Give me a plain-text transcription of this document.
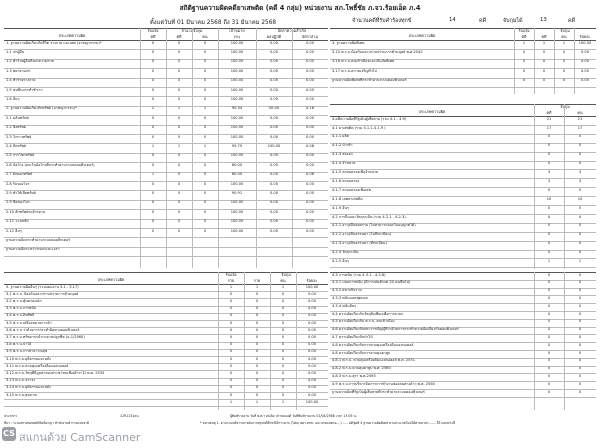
สถิติฐานความผิดคดียาเสพติด (คดี 4 กลุ่ม) หน่วยงาน สภ.โพธิ์ชัย ภ.จว.ร้อยเอ็ด ภ.4
ตั้งแต่วันที่ 01 มีนาคม 2568 ถึง 31 มีนาคม 2568	จำนวนคดีที่รับคำร้องทุกข์	14	คดี	จับกุมได้	13	คดี
ประเภทความผิด
รับแจ้ง	จำนวนจับกุม	เป้าหมาย	อัตราความสำเร็จ
คดี	คดี	คน	(%)	ผลปฏิบัติ	อัตราส่วน
1. ฐานความผิดเกี่ยวกับชีวิต ร่างกาย และเพศ (อาชญากรรม)*	0	0	0	100.00	0.00	0.00
1.1 ฆ่าผู้อื่น	0	0	0	100.00	0.00	0.00
1.2 ทำร้ายผู้อื่นถึงแก่ความตาย	0	0	0	100.00	0.00	0.00
1.3 พยายามฆ่า	0	0	0	100.00	0.00	0.00
1.4 ทำร้ายร่างกาย	0	0	0	100.00	0.00	0.00
1.5 ข่มขืนกระทำชำเรา	0	0	0	100.00	0.00	0.00
1.6 อื่นๆ	0	0	0	100.00	0.00	0.00
2. ฐานความผิดเกี่ยวกับทรัพย์ (อาชญากรรม)*	2	1	1	90.34	50.00	0.16
2.1 ปล้นทรัพย์	0	0	0	100.00	0.00	0.00
2.2 ชิงทรัพย์	0	0	0	100.00	0.00	0.00
2.3 วิ่งราวทรัพย์	0	0	0	100.00	0.00	0.00
2.4 ลักทรัพย์	1	1	1	95.75	100.00	0.08
2.5 กรรโชกทรัพย์	0	0	0	100.00	0.00	0.00
2.6 ฉ้อโกง (ยกเว้นฉ้อโกงที่กระทำผ่านระบบคอมพิวเตอร์)	0	0	0	80.00	0.00	0.00
2.7 ยักยอกทรัพย์	1	0	0	80.00	0.00	0.08
2.8 รับของโจร	0	0	0	100.00	0.00	0.00
2.9 ทำให้เสียทรัพย์	0	0	0	90.91	0.00	0.00
2.9 ซื้อของโจร	0	0	0	100.00	0.00	0.00
2.10 ลักทรัพย์รถจักรยาน	0	0	0	100.00	0.00	0.00
2.11 วางเพลิง	0	0	0	100.00	0.00	0.00
2.12 อื่นๆ	0	0	0	100.00	0.00	0.00
ฐานความผิดกระทำผ่านระบบคอมพิวเตอร์
ฐานความผิดระหว่างรอบระยะเวลา
ประเภทความผิด
รับแจ้ง	จับกุม
คดี	คดี	คน	ร้อยละ
3. ฐานความผิดพิเศษ	1	1	1	100.00
3.15 พ.ร.บ.ป้องกันและปราบปรามการค้ามนุษย์ พ.ศ.2542	0	0	0	0.00
3.16 พ.ร.บ.คนเข้าเมืองและเป็นภัยพิเศษ	0	0	0	0.00
3.17 พ.ร.บ.ความเจริญทั่วไป	0	0	0	0.00
ฐานความผิดพิเศษที่กระทำผ่านระบบคอมพิวเตอร์	0	0	0	0.00
ประเภทความผิด
จับกุม
คดี	คน
4.คดีความผิดที่รัฐเป็นผู้เสียหาย (รวม 4.1 - 4.9)	21	21
4.1 ยาเสพติด (รวม 4.1.1-4.1.9 )	17	17
4.1.1 ผลิต	0	0
4.1.2 นำเข้า	0	0
4.1.3 ส่งออก	0	0
4.1.4 จำหน่าย	0	0
4.1.5 ครอบครองเพื่อจำหน่าย	3	3
4.1.6 ครอบครอง	3	3
4.1.7 ครอบครองเพื่อเสพ	0	0
4.1.8 เสพยาเสพติด	10	10
4.1.9 อื่นๆ	0	0
4.2 การปืนและวัตถุระเบิด (รวม 4.2.1 - 4.2.3)	4	4
4.2.1 อาวุธปืนสงคราม (ไม่สามารถออกใบอนุญาตได้)	0	0
4.2.2 อาวุธปืนธรรมดา (ไม่มีทะเบียน)	0	0
4.2.3 อาวุธปืนธรรมดา (มีทะเบียน)	0	0
4.2.4 วัตถุระเบิด	0	0
4.2.5 อื่นๆ	1	1
ประเภทความผิด
รับแจ้ง	จับกุม
ราย	ราย	คน	ร้อยละ
5. ฐานความผิดอื่นๆ (รวมแผนงาน 3.1 - 3.17)	1	1	1	100.00
3.1 พ.ร.บ. ป้องกันและปราบปรามการค้ามนุษย์	0	0	0	0.00
3.2 พ.ร.บ.คุ้มครองเด็ก	0	0	0	0.00
3.3 พ.ร.บ.การพนัน	0	0	0	0.00
3.4 พ.ร.บ.ลิขสิทธิ์	0	0	0	0.00
3.5 พ.ร.บ.เครื่องหมายการค้า	0	0	0	0.00
3.6 พ.ร.บ.ว่าด้วยการกระทำผิดทางคอมพิวเตอร์	0	0	0	0.00
3.7 พ.ร.บ.ทรัพยากรน้ำบาดาลปลูกพืช (ฉ.1/2560)	0	0	0	0.00
3.8 พ.ร.บ.ป่าไม้	0	0	0	0.00
3.9 พ.ร.บ.การสาธารณสุข	0	0	0	0.00
3.10 พ.ร.บ.ยุติธรรมและหลัง	0	0	0	0.00
3.11 พ.ร.บ.ควบคุมเครื่องดื่มแอลกอฮอล์	0	0	0	0.00
3.12 พ.ร.บ.วัตถุที่มีมูลค่าของประชาชนเพื่อเฝ้าระวัง พ.ศ. 2535	0	0	0	0.00
3.13 พ.ร.บ.จราจร	0	0	0	0.00
3.14 พ.ร.บ.ยุติธรรมและหลัง	0	0	0	0.00
3.15 พ.ร.บ.สุขภาพ	0	0	0	0.00
1	1	1	100.00
4.3 การพนัน (รวม 4.3.1 - 4.3.6)	0	0
4.3.1 บ่อนการพนัน (มีการเล่นตั้งแต่ 20 คนขึ้นไป)	0	0
4.3.2 สลากกินรวบ	0	0
4.3.3 พนันบอลฟุตบอล	0	0
4.3.4 พนันอื่นๆ	0	0
4.4 ความผิดเกี่ยวกับวัตถุสิ่งเทียมเพื่อการลามก	0	0
4.5 ความผิดเกี่ยวกับ พ.ร.บ. คนเข้าเมือง	0	0
4.6 ความผิดเกี่ยวกับพระราชบัญญัติว่าด้วยการกระทำความผิดเกี่ยวกับคอมพิวเตอร์	0	0
4.7 ความผิดเกี่ยวกับป่าไม้	0	0
4.8 ความผิดเกี่ยวกับการควบคุมเครื่องดื่มแอลกอฮอล์	0	0
4.8 ความผิดเกี่ยวกับการควบคุมยาสูบ	0	0
4.8.1 พ.ร.บ. ควบคุมเครื่องดื่มแอลกอฮอล์ พ.ศ. 2551	0	0
4.8.2 พ.ร.บ.ควบคุมยาสูบ พ.ศ. 2560	0	0
4.8.3 พ.ร.บ.สุรา พ.ศ.2493	0	0
4.9 พ.ร.บ.การบริหารจัดการการทำงานของคนต่างด้าว พ.ศ. 2560	0	0
ฐานความผิดที่รัฐเป็นผู้เสียหายที่กระทำผ่านระบบคอมพิวเตอร์	0	0
ประชากร	1291131คน	ผู้พิมพ์รายงาน วันที่ พ.ศ.ๆ คนคิด ปรายมบอดี วันที่พิมพ์รายงาน 01/04/2568 เวลา 13:05 น.
ที่มา : ระบบสารสนเทศสถิติคดีอาญา สำนักงานตำรวจแห่งชาติ	* หมายเหตุ 1. ตามระบบพิจารณาหลังจากสรุปคดีที่กรณีมีการควบ (โฟน/ สดร.สถช. และแกลแอพรอ....) ..... คดีชุดที่ 4 ฐานความผิดพิเศษ ตามประเภทโดยได้ศาลมาตร........ให้ แตกต่างนี้
CS สแกนด้วย CamScanner
